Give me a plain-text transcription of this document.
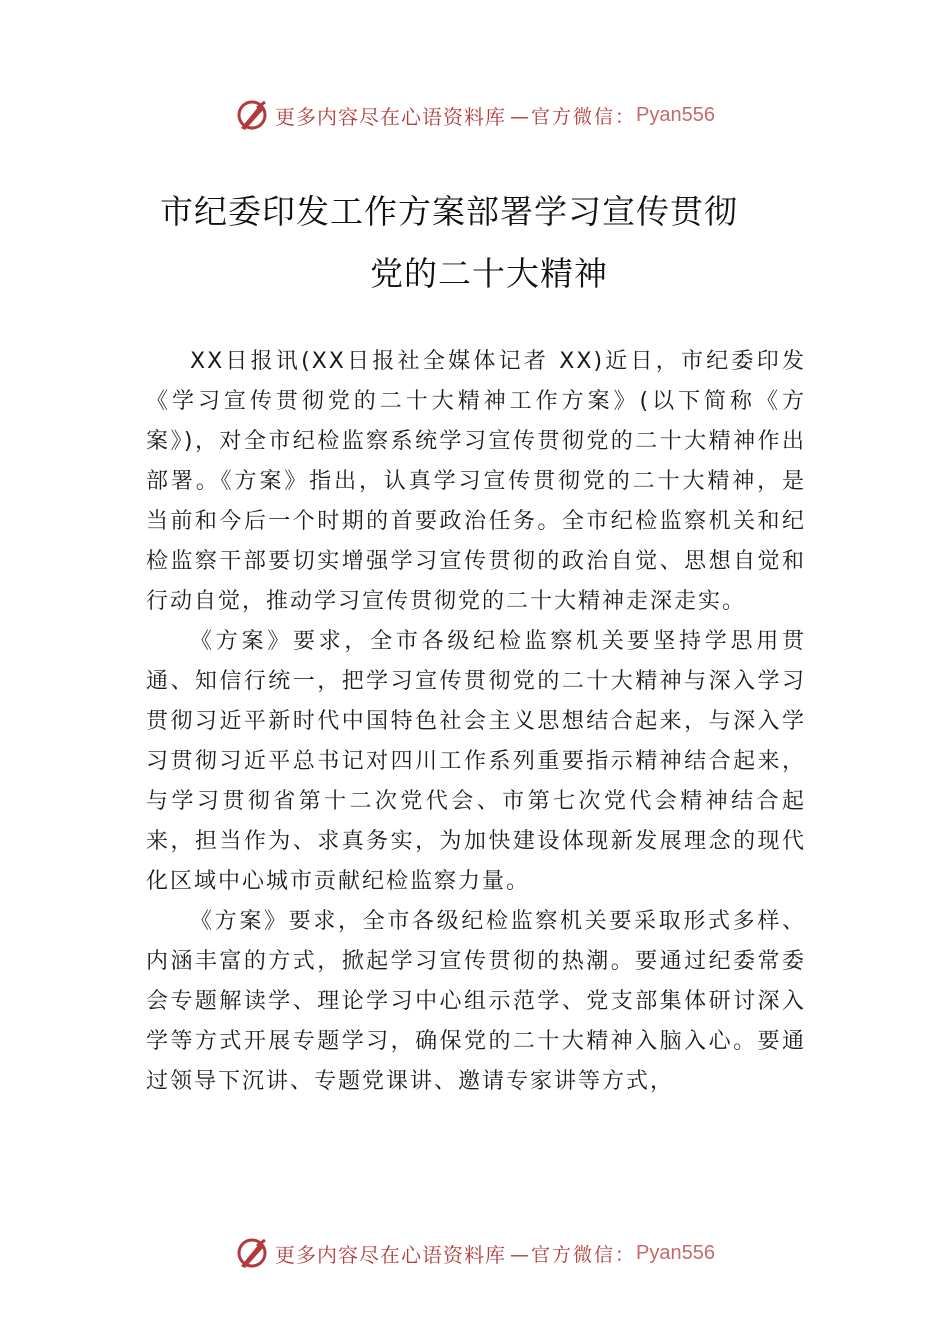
更多内容尽在心语资料库 —官方微信： Pyan556
市纪委印发工作方案部署学习宣传贯彻
党的二十大精神

XX日报讯(XX日报社全媒体记者 XX)近日，市纪委印发《学习宣传贯彻党的二十大精神工作方案》(以下简称《方案》)，对全市纪检监察系统学习宣传贯彻党的二十大精神作出部署。《方案》指出，认真学习宣传贯彻党的二十大精神，是当前和今后一个时期的首要政治任务。全市纪检监察机关和纪检监察干部要切实增强学习宣传贯彻的政治自觉、思想自觉和行动自觉，推动学习宣传贯彻党的二十大精神走深走实。

《方案》要求，全市各级纪检监察机关要坚持学思用贯通、知信行统一，把学习宣传贯彻党的二十大精神与深入学习贯彻习近平新时代中国特色社会主义思想结合起来，与深入学习贯彻习近平总书记对四川工作系列重要指示精神结合起来，与学习贯彻省第十二次党代会、市第七次党代会精神结合起来，担当作为、求真务实，为加快建设体现新发展理念的现代化区域中心城市贡献纪检监察力量。

《方案》要求，全市各级纪检监察机关要采取形式多样、内涵丰富的方式，掀起学习宣传贯彻的热潮。要通过纪委常委会专题解读学、理论学习中心组示范学、党支部集体研讨深入学等方式开展专题学习，确保党的二十大精神入脑入心。要通过领导下沉讲、专题党课讲、邀请专家讲等方式，

更多内容尽在心语资料库 —官方微信： Pyan556
